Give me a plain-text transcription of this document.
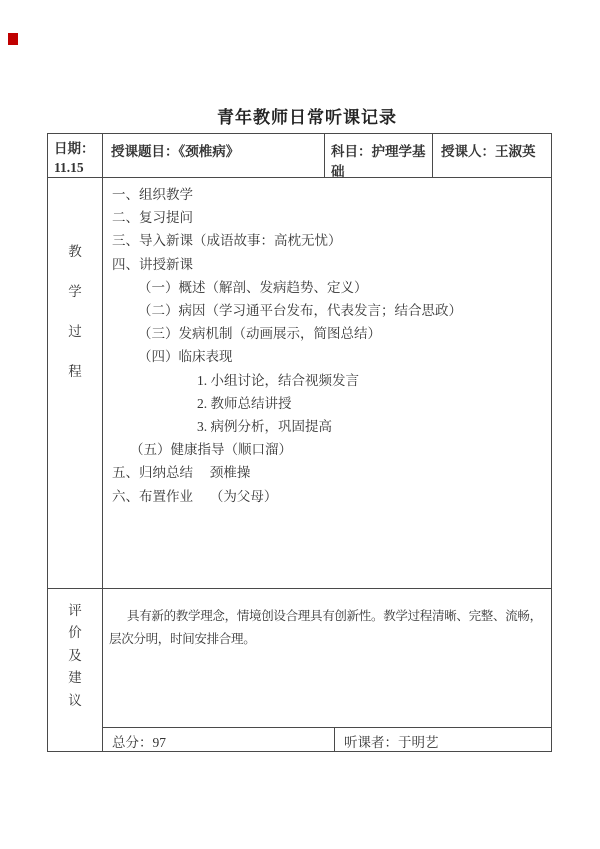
青年教师日常听课记录
日期：
11.15
授课题目：《颈椎病》	科目：护理学基础
授课人：王淑英
教
学
过
程
一、组织教学
二、复习提问
三、导入新课（成语故事：高枕无忧）
四、讲授新课
（一）概述（解剖、发病趋势、定义）
（二）病因（学习通平台发布，代表发言；结合思政）
（三）发病机制（动画展示，简图总结）
（四）临床表现
1. 小组讨论，结合视频发言
2. 教师总结讲授
3. 病例分析，巩固提高
（五）健康指导（顺口溜）
五、归纳总结　 颈椎操
六、布置作业　 （为父母）
评
价
及
建
议
具有新的教学理念，情境创设合理具有创新性。教学过程清晰、完整、流畅，层次分明，时间安排合理。
总分：97	听课者：于明艺
